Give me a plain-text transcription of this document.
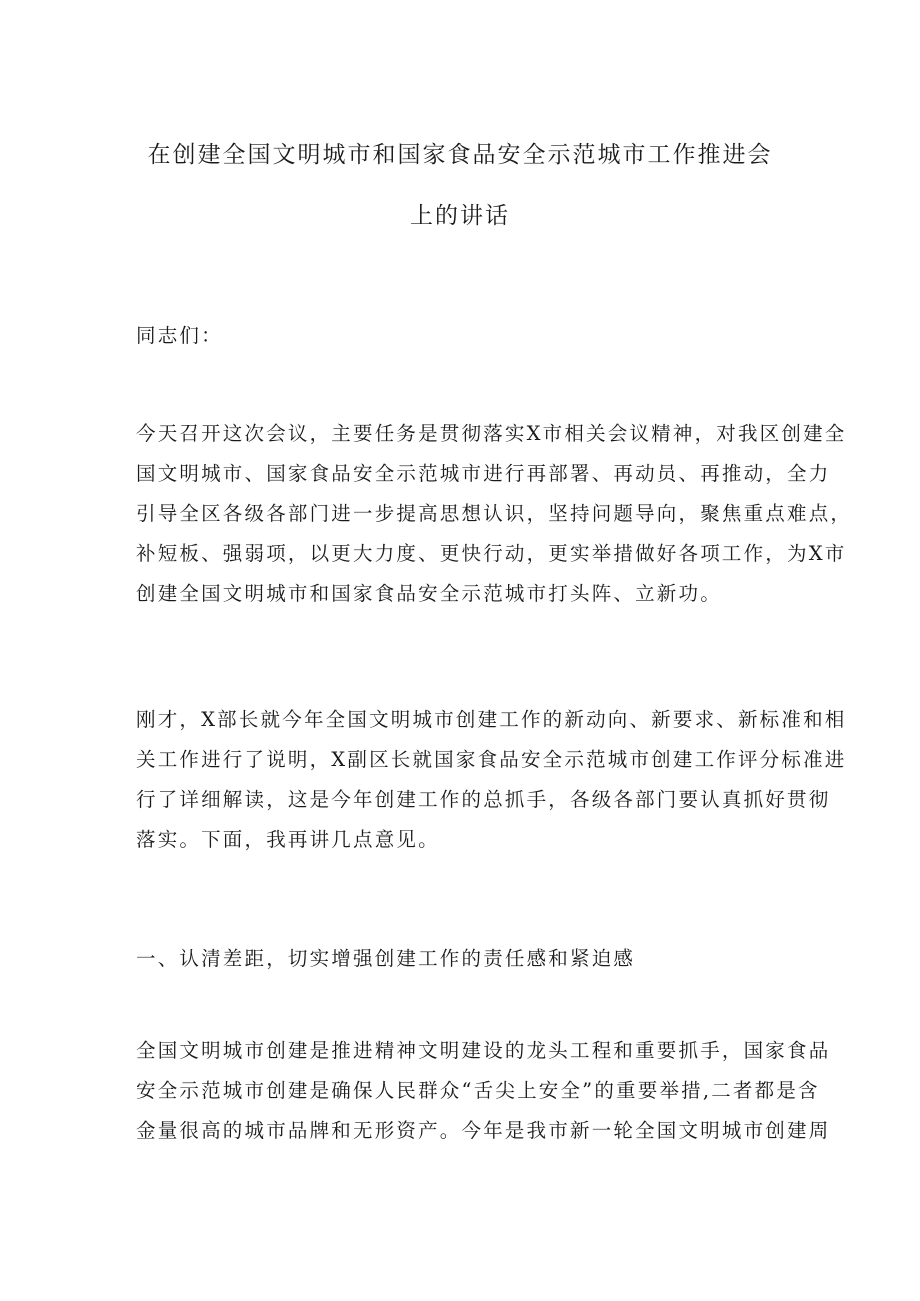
在创建全国文明城市和国家食品安全示范城市工作推进会
上的讲话

同志们：

今天召开这次会议，主要任务是贯彻落实X市相关会议精神，对我区创建全
国文明城市、国家食品安全示范城市进行再部署、再动员、再推动，全力
引导全区各级各部门进一步提高思想认识，坚持问题导向，聚焦重点难点，
补短板、强弱项，以更大力度、更快行动，更实举措做好各项工作，为X市
创建全国文明城市和国家食品安全示范城市打头阵、立新功。

刚才，X部长就今年全国文明城市创建工作的新动向、新要求、新标准和相
关工作进行了说明，X副区长就国家食品安全示范城市创建工作评分标准进
行了详细解读，这是今年创建工作的总抓手，各级各部门要认真抓好贯彻
落实。下面，我再讲几点意见。

一、认清差距，切实增强创建工作的责任感和紧迫感

全国文明城市创建是推进精神文明建设的龙头工程和重要抓手，国家食品
安全示范城市创建是确保人民群众“舌尖上安全”的重要举措,二者都是含
金量很高的城市品牌和无形资产。今年是我市新一轮全国文明城市创建周
